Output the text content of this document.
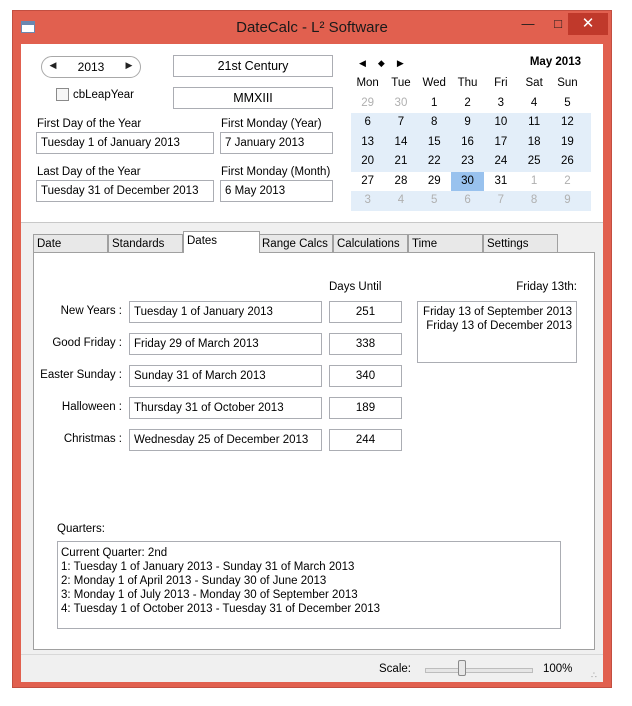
DateCalc - L² Software	—	□	✕
◀	2013	▶
cbLeapYear
21st Century
MMXIII
First Day of the Year
Tuesday 1 of January 2013
First Monday (Year)
7 January 2013
Last Day of the Year
Tuesday 31 of December 2013
First Monday (Month)
6 May 2013
◀◆▶	May 2013
Mon	Tue	Wed	Thu	Fri	Sat	Sun
29	30	1	2	3	4	5
6	7	8	9	10	11	12
13	14	15	16	17	18	19
20	21	22	23	24	25	26
27	28	29	30	31	1	2
3	4	5	6	7	8	9
Date	Standards	Dates	Range Calcs Calculations	Time	Settings
Days Until	Friday 13th:
New Years :	Tuesday 1 of January 2013	251
Good Friday :	Friday 29 of March 2013	338
Easter Sunday :	Sunday 31 of March 2013	340
Halloween :	Thursday 31 of October 2013	189
Christmas :	Wednesday 25 of December 2013	244
Friday 13 of September 2013
Friday 13 of December 2013
Quarters:
Current Quarter: 2nd
1: Tuesday 1 of January 2013 - Sunday 31 of March 2013
2: Monday 1 of April 2013 - Sunday 30 of June 2013
3: Monday 1 of July 2013 - Monday 30 of September 2013
4: Tuesday 1 of October 2013 - Tuesday 31 of December 2013
Scale:	100% ∴
